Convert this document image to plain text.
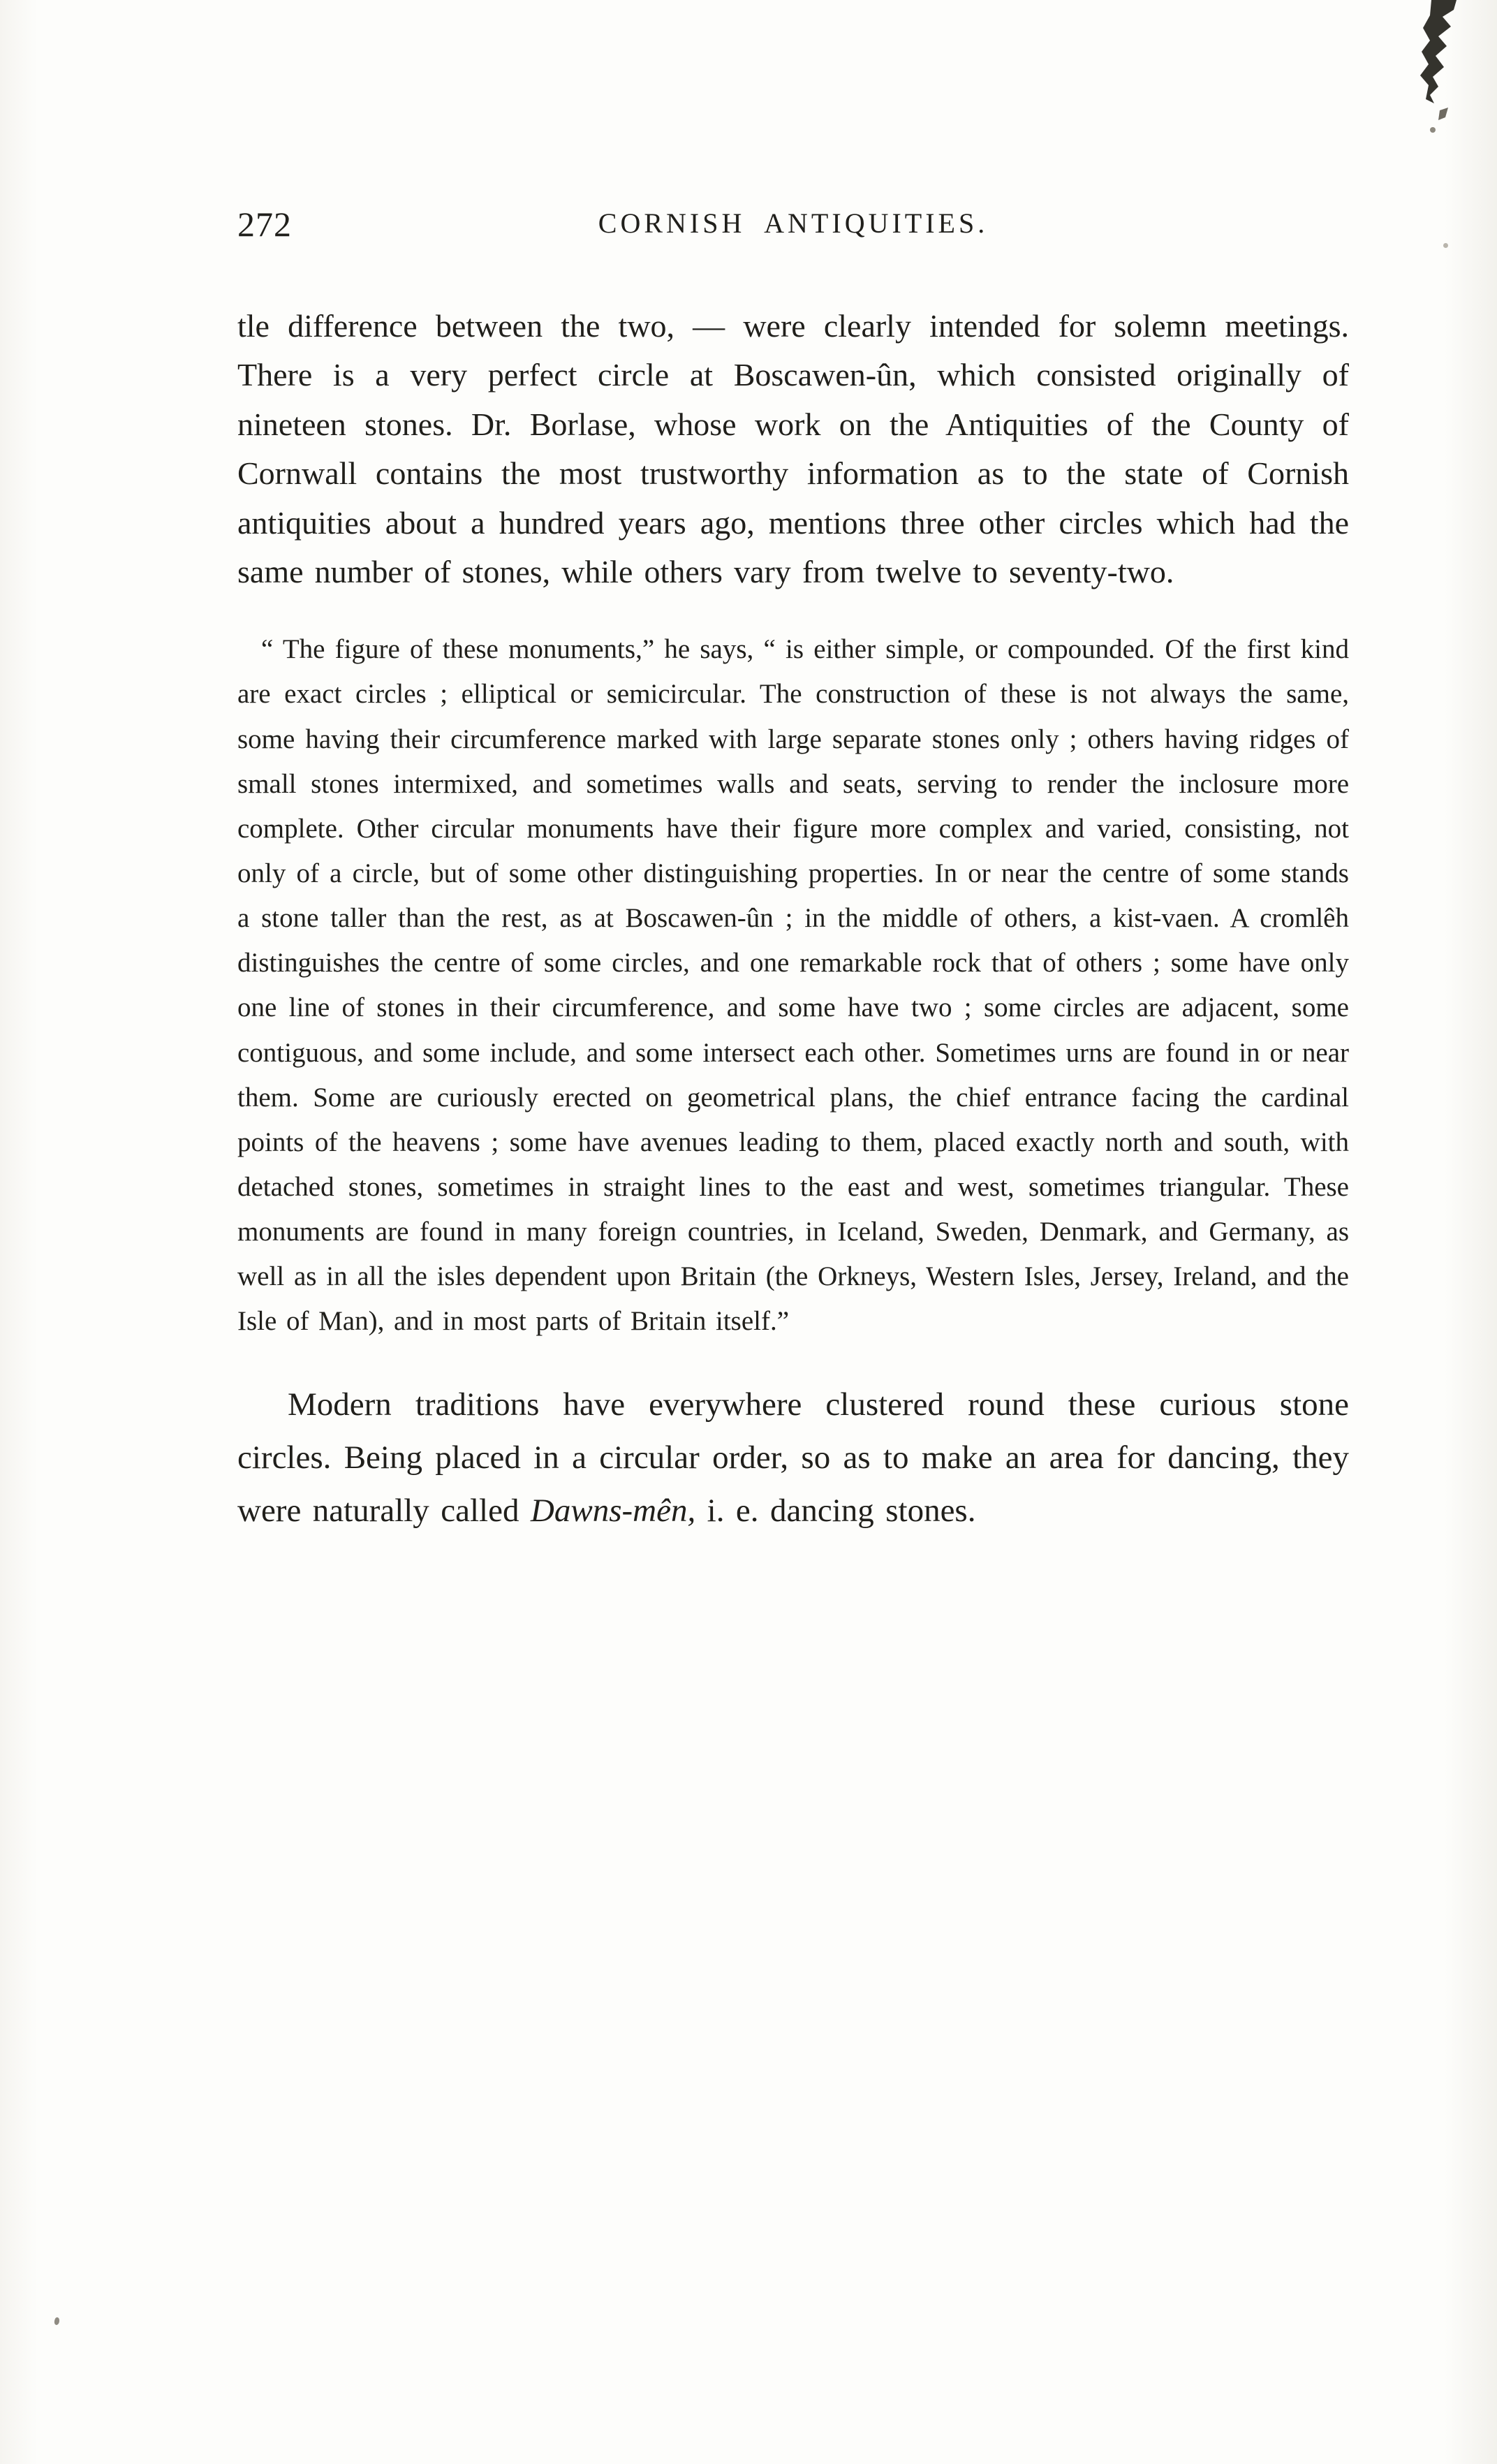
272	CORNISH ANTIQUITIES.

tle difference between the two, — were clearly intended for solemn meetings. There is a very perfect circle at Boscawen-ûn, which consisted originally of nineteen stones. Dr. Borlase, whose work on the Antiquities of the County of Cornwall contains the most trustworthy information as to the state of Cornish antiquities about a hundred years ago, mentions three other circles which had the same number of stones, while others vary from twelve to seventy-two.

“ The figure of these monuments,” he says, “ is either simple, or compounded. Of the first kind are exact circles ; elliptical or semicircular. The construction of these is not always the same, some having their circumference marked with large separate stones only ; others having ridges of small stones intermixed, and sometimes walls and seats, serving to render the inclosure more complete. Other circular monuments have their figure more complex and varied, consisting, not only of a circle, but of some other distinguishing properties. In or near the centre of some stands a stone taller than the rest, as at Boscawen-ûn ; in the middle of others, a kist-vaen. A cromlêh distinguishes the centre of some circles, and one remarkable rock that of others ; some have only one line of stones in their circumference, and some have two ; some circles are adjacent, some contiguous, and some include, and some intersect each other. Sometimes urns are found in or near them. Some are curiously erected on geometrical plans, the chief entrance facing the cardinal points of the heavens ; some have avenues leading to them, placed exactly north and south, with detached stones, sometimes in straight lines to the east and west, sometimes triangular. These monuments are found in many foreign countries, in Iceland, Sweden, Denmark, and Germany, as well as in all the isles dependent upon Britain (the Orkneys, Western Isles, Jersey, Ireland, and the Isle of Man), and in most parts of Britain itself.”

Modern traditions have everywhere clustered round these curious stone circles. Being placed in a circular order, so as to make an area for dancing, they were naturally called Dawns-mên, i. e. dancing stones.
